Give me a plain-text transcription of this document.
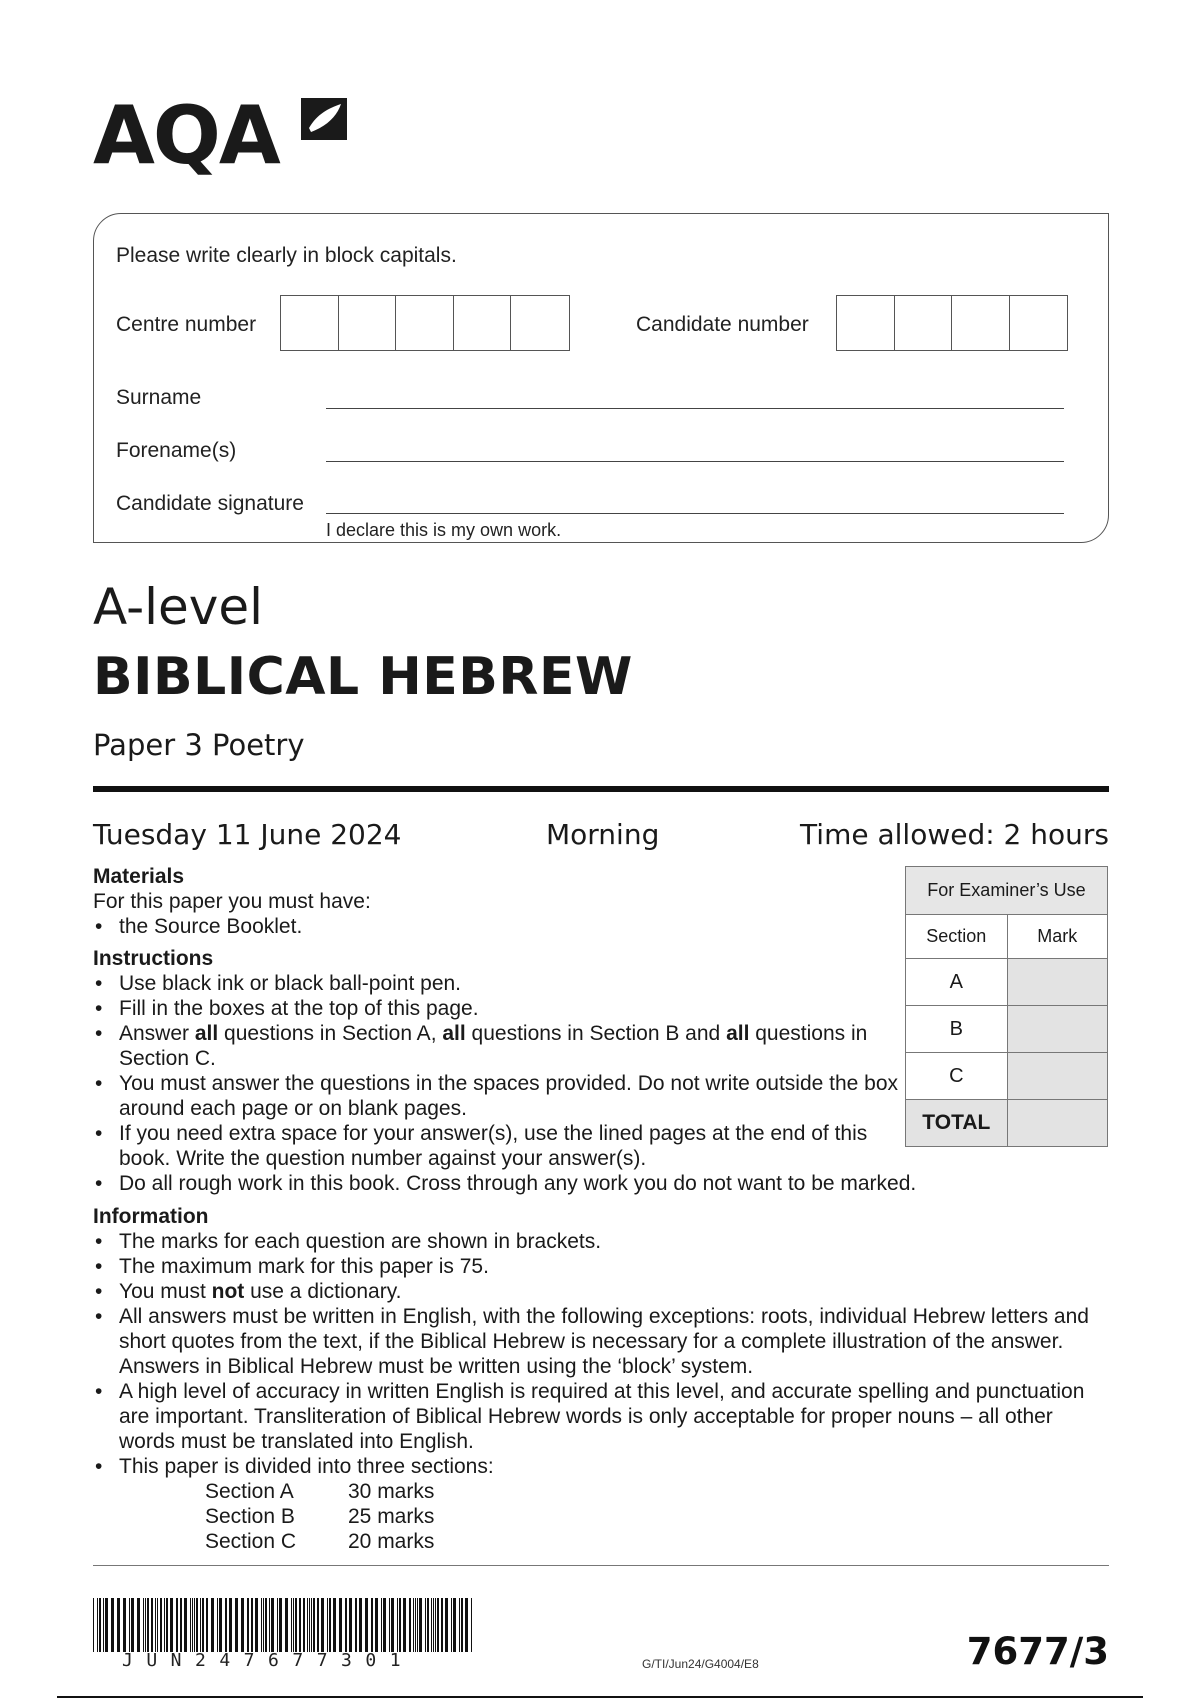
AQA
Please write clearly in block capitals.
Centre number	Candidate number
Surname
Forename(s)
Candidate signature
I declare this is my own work.
A-level
BIBLICAL HEBREW
Paper 3 Poetry
Tuesday 11 June 2024	Morning	Time allowed: 2 hours
Materials
For this paper you must have:
• the Source Booklet.
Instructions
• Use black ink or black ball-point pen.
• Fill in the boxes at the top of this page.
• Answer all questions in Section A, all questions in Section B and all questions in Section C.
• You must answer the questions in the spaces provided. Do not write outside the box around each page or on blank pages.
• If you need extra space for your answer(s), use the lined pages at the end of this book. Write the question number against your answer(s).
• Do all rough work in this book. Cross through any work you do not want to be marked.
Information
• The marks for each question are shown in brackets.
• The maximum mark for this paper is 75.
• You must not use a dictionary.
• All answers must be written in English, with the following exceptions: roots, individual Hebrew letters and short quotes from the text, if the Biblical Hebrew is necessary for a complete illustration of the answer. Answers in Biblical Hebrew must be written using the ‘block’ system.
• A high level of accuracy in written English is required at this level, and accurate spelling and punctuation are important. Transliteration of Biblical Hebrew words is only acceptable for proper nouns – all other words must be translated into English.
• This paper is divided into three sections:
Section A	30 marks
Section B	25 marks
Section C	20 marks
For Examiner’s Use	
Section	Mark
A	
B	
C	
TOTAL	
JUN247677301	G/TI/Jun24/G4004/E8	7677/3
